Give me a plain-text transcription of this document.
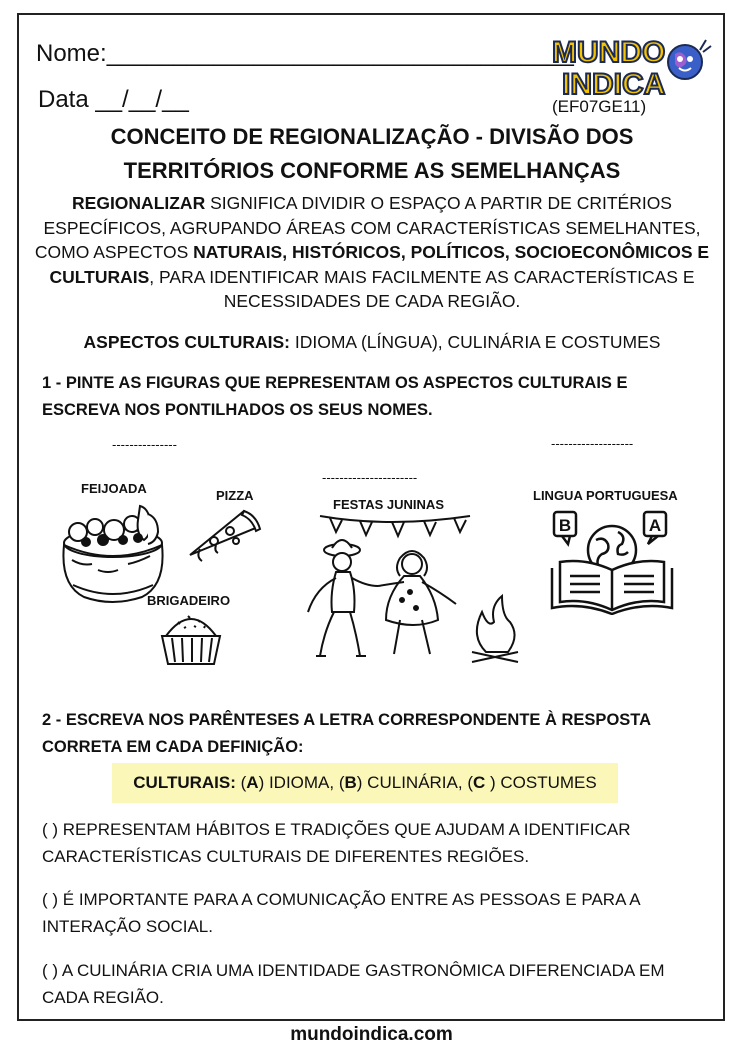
Nome:___________________________________
Data __/__/__
MUNDO
INDICA
(EF07GE11)
CONCEITO DE REGIONALIZAÇÃO - DIVISÃO DOS
TERRITÓRIOS CONFORME AS SEMELHANÇAS
REGIONALIZAR SIGNIFICA DIVIDIR O ESPAÇO A PARTIR DE CRITÉRIOS ESPECÍFICOS, AGRUPANDO ÁREAS COM CARACTERÍSTICAS SEMELHANTES, COMO ASPECTOS NATURAIS, HISTÓRICOS, POLÍTICOS, SOCIOECONÔMICOS E CULTURAIS, PARA IDENTIFICAR MAIS FACILMENTE AS CARACTERÍSTICAS E NECESSIDADES DE CADA REGIÃO.
ASPECTOS CULTURAIS: IDIOMA (LÍNGUA), CULINÁRIA E COSTUMES
1 - PINTE AS FIGURAS QUE REPRESENTAM OS ASPECTOS CULTURAIS E ESCREVA NOS PONTILHADOS OS SEUS NOMES.
---------------
----------------------
-------------------
FEIJOADA	PIZZA
BRIGADEIRO
FESTAS JUNINAS
LINGUA PORTUGUESA
B	A
2 - ESCREVA NOS PARÊNTESES A LETRA CORRESPONDENTE À RESPOSTA CORRETA EM CADA DEFINIÇÃO:
CULTURAIS: (A) IDIOMA, (B) CULINÁRIA, (C ) COSTUMES
( ) REPRESENTAM HÁBITOS E TRADIÇÕES QUE AJUDAM A IDENTIFICAR CARACTERÍSTICAS CULTURAIS DE DIFERENTES REGIÕES.
( ) É IMPORTANTE PARA A COMUNICAÇÃO ENTRE AS PESSOAS E PARA A INTERAÇÃO SOCIAL.
( ) A CULINÁRIA CRIA UMA IDENTIDADE GASTRONÔMICA DIFERENCIADA EM CADA REGIÃO.
mundoindica.com
